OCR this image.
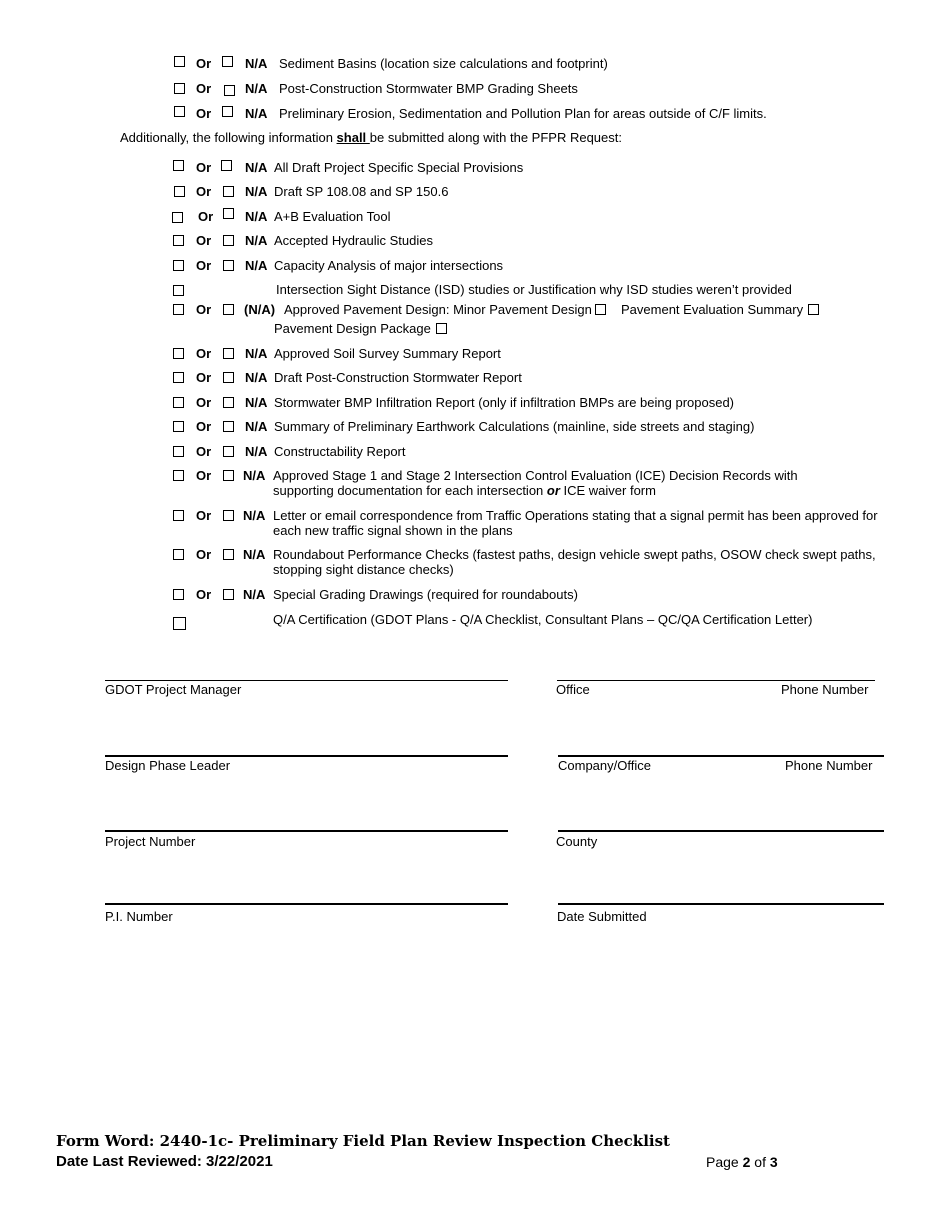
Or	N/A Sediment Basins (location size calculations and footprint)
Or	N/A Post-Construction Stormwater BMP Grading Sheets
Or	N/A Preliminary Erosion, Sedimentation and Pollution Plan for areas outside of C/F limits.
Additionally, the following information shall be submitted along with the PFPR Request:
Or	N/A All Draft Project Specific Special Provisions
Or	N/A Draft SP 108.08 and SP 150.6
Or N/A A+B Evaluation Tool
Or	N/A Accepted Hydraulic Studies
Or	N/A Capacity Analysis of major intersections
Intersection Sight Distance (ISD) studies or Justification why ISD studies weren’t provided
Or	(N/A) Approved Pavement Design: Minor Pavement Design Pavement Evaluation Summary
Pavement Design Package
Or	N/A Approved Soil Survey Summary Report
Or	N/A Draft Post-Construction Stormwater Report
Or	N/A Stormwater BMP Infiltration Report (only if infiltration BMPs are being proposed)
Or	N/A Summary of Preliminary Earthwork Calculations (mainline, side streets and staging)
Or	N/A Constructability Report
Or N/A Approved Stage 1 and Stage 2 Intersection Control Evaluation (ICE) Decision Records with
supporting documentation for each intersection or ICE waiver form
Or N/A Letter or email correspondence from Traffic Operations stating that a signal permit has been approved for
each new traffic signal shown in the plans
Or N/A Roundabout Performance Checks (fastest paths, design vehicle swept paths, OSOW check swept paths,
stopping sight distance checks)
Or N/A Special Grading Drawings (required for roundabouts)
Q/A Certification (GDOT Plans - Q/A Checklist, Consultant Plans – QC/QA Certification Letter)
GDOT Project Manager	Office	Phone Number
Design Phase Leader	Company/Office	Phone Number
Project Number	County
P.I. Number	Date Submitted
Form Word: 2440-1c- Preliminary Field Plan Review Inspection Checklist
Date Last Reviewed: 3/22/2021	Page 2 of 3
